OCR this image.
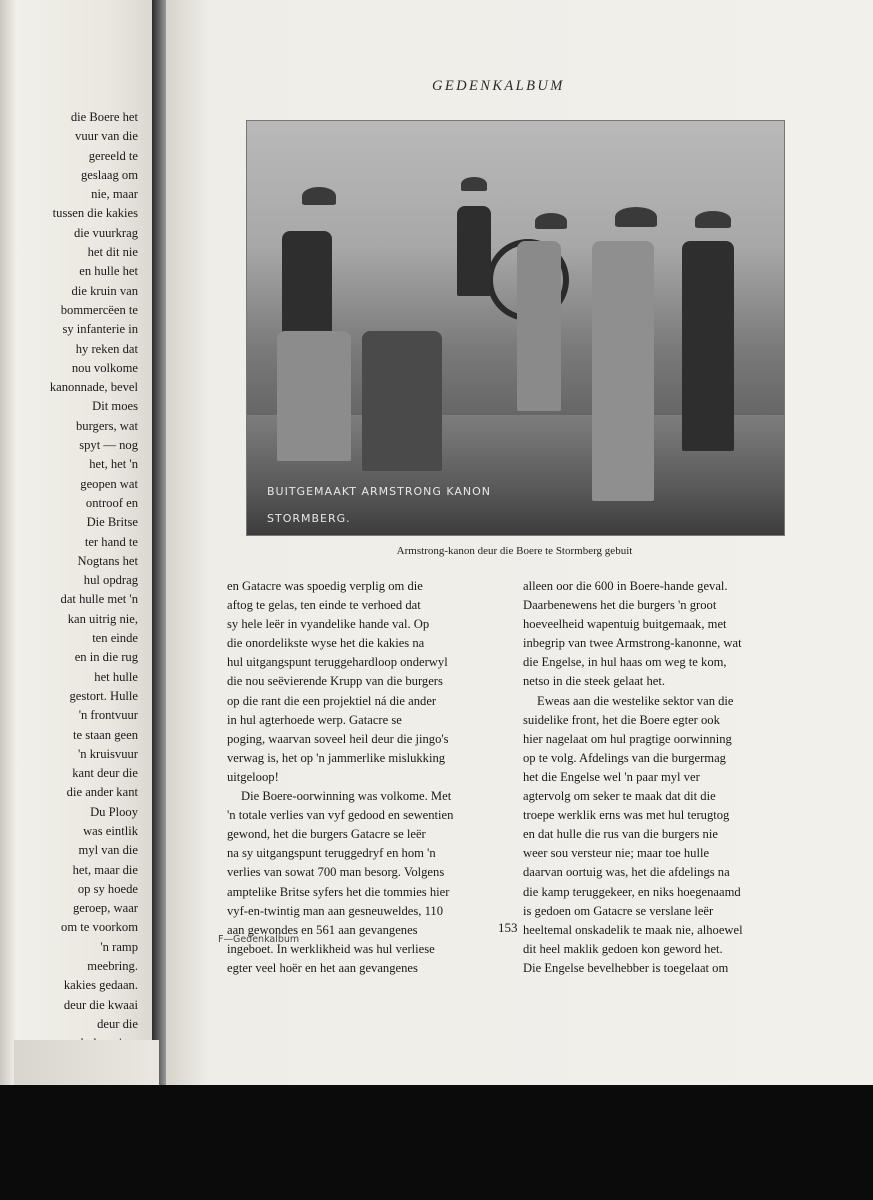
die Boere het
vuur van die
gereeld te
geslaag om
nie, maar
tussen die kakies
die vuurkrag
het dit nie
en hulle het
die kruin van
bommercëen te
sy infanterie in
hy reken dat
nou volkome
kanonnade, bevel
Dit moes
burgers, wat
spyt — nog
het, het 'n
geopen wat
ontroof en
Die Britse
ter hand te
Nogtans het
hul opdrag
dat hulle met 'n
kan uitrig nie,
ten einde
en in die rug
het hulle
gestort. Hulle
'n frontvuur
te staan geen
'n kruisvuur
kant deur die
die ander kant
Du Plooy
was eintlik
myl van die
het, maar die
op sy hoede
geroep, waar
om te voorkom
'n ramp
meebring.
kakies gedaan.
deur die kwaai
deur die
GEDENKALBUM
BUITGEMAAKT ARMSTRONG KANON
STORMBERG.
Armstrong-kanon deur die Boere te Stormberg gebuit
en Gatacre was spoedig verplig om die
aftog te gelas, ten einde te verhoed dat
sy hele leër in vyandelike hande val. Op
die onordelikste wyse het die kakies na
hul uitgangspunt teruggehardloop onderwyl
die nou seëvierende Krupp van die burgers
op die rant die een projektiel ná die ander
in hul agterhoede werp. Gatacre se
poging, waarvan soveel heil deur die jingo's
verwag is, het op 'n jammerlike mislukking
uitgeloop!
Die Boere-oorwinning was volkome. Met
'n totale verlies van vyf gedood en sewentien
gewond, het die burgers Gatacre se leër
na sy uitgangspunt teruggedryf en hom 'n
verlies van sowat 700 man besorg. Volgens
amptelike Britse syfers het die tommies hier
vyf-en-twintig man aan gesneuweldes, 110
aan gewondes en 561 aan gevangenes
ingeboet. In werklikheid was hul verliese
egter veel hoër en het aan gevangenes
alleen oor die 600 in Boere-hande geval.
Daarbenewens het die burgers 'n groot
hoeveelheid wapentuig buitgemaak, met
inbegrip van twee Armstrong-kanonne, wat
die Engelse, in hul haas om weg te kom,
netso in die steek gelaat het.
Eweas aan die westelike sektor van die
suidelike front, het die Boere egter ook
hier nagelaat om hul pragtige oorwinning
op te volg. Afdelings van die burgermag
het die Engelse wel 'n paar myl ver
agtervolg om seker te maak dat dit die
troepe werklik erns was met hul terugtog
en dat hulle die rus van die burgers nie
weer sou versteur nie; maar toe hulle
daarvan oortuig was, het die afdelings na
die kamp teruggekeer, en niks hoegenaamd
is gedoen om Gatacre se verslane leër
heeltemal onskadelik te maak nie, alhoewel
dit heel maklik gedoen kon geword het.
Die Engelse bevelhebber is toegelaat om
153
F—Gedenkalbum
